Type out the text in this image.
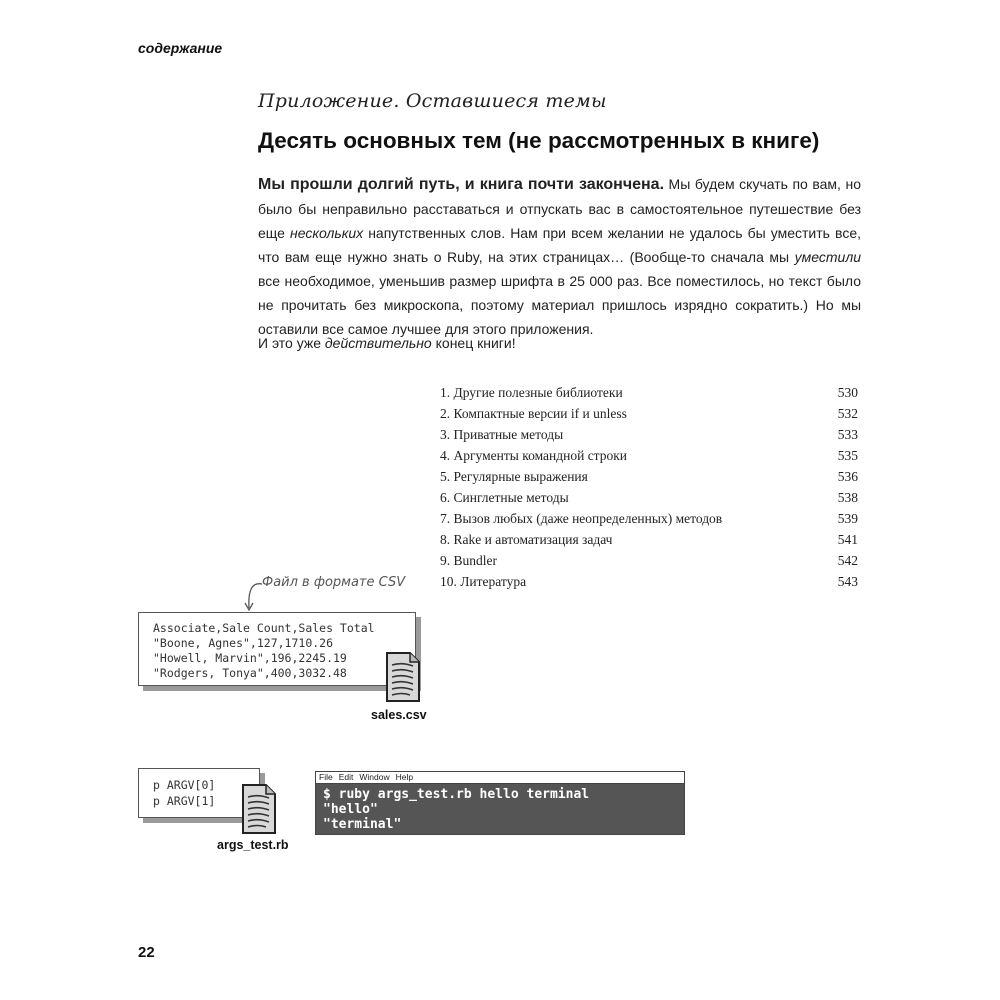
содержание
Приложение. Оставшиеся темы
Десять основных тем (не рассмотренных в книге)

Мы прошли долгий путь, и книга почти закончена. Мы будем скучать по вам, но было бы неправильно расставаться и отпускать вас в самостоятельное путешествие без еще нескольких напутственных слов. Нам при всем желании не удалось бы уместить все, что вам еще нужно знать о Ruby, на этих страницах… (Вообще-то сначала мы уместили все необходимое, уменьшив размер шрифта в 25 000 раз. Все поместилось, но текст было не прочитать без микроскопа, поэтому материал пришлось изрядно сократить.) Но мы оставили все самое лучшее для этого приложения.

И это уже действительно конец книги!
1. Другие полезные библиотеки	530
2. Компактные версии if и unless	532
3. Приватные методы	533
4. Аргументы командной строки	535
5. Регулярные выражения	536
6. Синглетные методы	538
7. Вызов любых (даже неопределенных) методов	539
8. Rake и автоматизация задач	541
9. Bundler	542
10. Литература	543
Файл в формате CSV
Associate,Sale Count,Sales Total
"Boone, Agnes",127,1710.26
"Howell, Marvin",196,2245.19
"Rodgers, Tonya",400,3032.48
sales.csv
p ARGV[0]
p ARGV[1]
args_test.rb
File Edit Window Help
$ ruby args_test.rb hello terminal
"hello"
"terminal"
22
